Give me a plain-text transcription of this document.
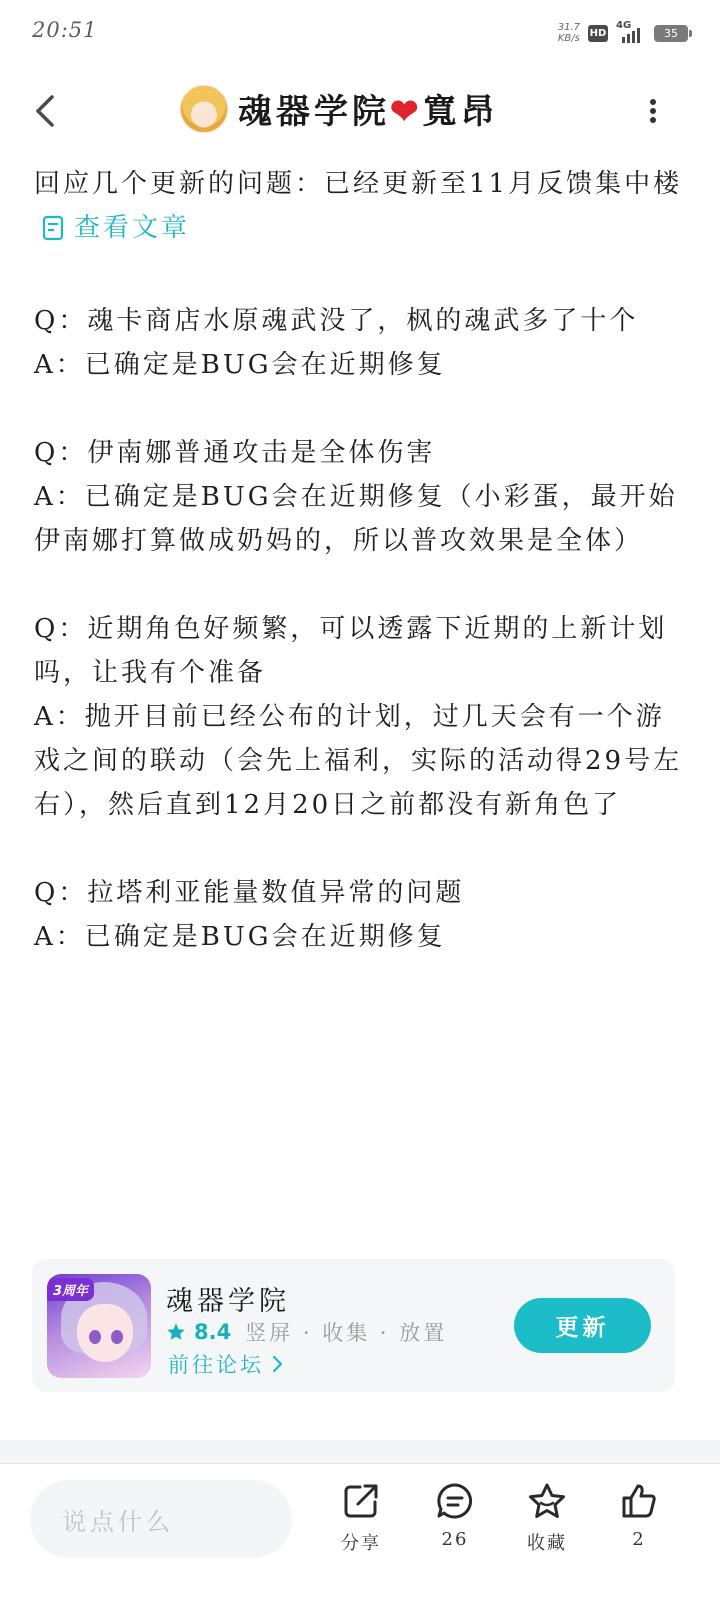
20:51	31.7
KB/s HD
4G
35
魂器学院❤寬昂

回应几个更新的问题：已经更新至11月反馈集中楼

查看文章

Q：魂卡商店水原魂武没了，枫的魂武多了十个

A：已确定是BUG会在近期修复

Q：伊南娜普通攻击是全体伤害

A：已确定是BUG会在近期修复（小彩蛋，最开始伊南娜打算做成奶妈的，所以普攻效果是全体）

Q：近期角色好频繁，可以透露下近期的上新计划吗，让我有个准备

A：抛开目前已经公布的计划，过几天会有一个游戏之间的联动（会先上福利，实际的活动得29号左右），然后直到12月20日之前都没有新角色了

Q：拉塔利亚能量数值异常的问题

A：已确定是BUG会在近期修复

3周年	魂器学院
8.4 竖屏 · 收集 · 放置
前往论坛
更新
说点什么
分享	26	收藏	2
